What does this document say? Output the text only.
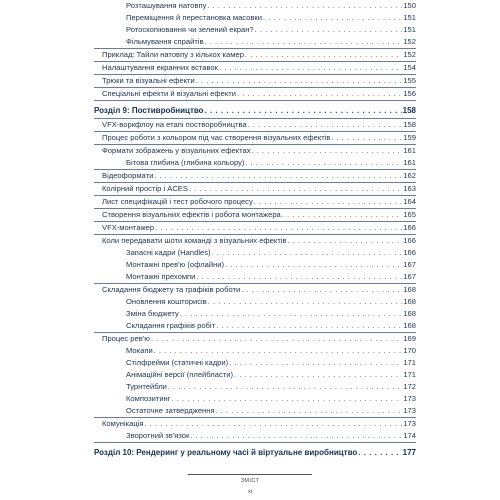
Розташування натовпу . . .	150
Переміщення й перестановка масовки . . .	151
Ротоскопіювання чи зелений екран? . . .	151
Фільмування спрайтів . . .	152
Приклад: Тайли натовпу з кількох камер . . .	152
Налаштування екранних вставок . . .	154
Трюки та візуальні ефекти . . .	155
Спеціальні ефекти й візуальні ефекти . . .	156
Розділ 9: Постивробництво . . .	158
VFX-воркфлоу на етапі постворобництва . . .	158
Процес роботи з кольором під час створення візуальних ефектів . . .	159
Формати зображень у візуальних ефектах . . .	161
Бітова глибина (глибина кольору) . . .	161
Відеоформати . . .	162
Колірний простір і ACES . . .	163
Лист специфікацій і тест робочого процесу . . .	164
Створення візуальних ефектів і робота монтажера . . .	165
VFX-монтажер . . .	166
Коли передавати шоти команді з візуальних ефектів . . .	166
Запасні кадри (Handles) . . .	166
Монтажні прев'ю (офлайни) . . .	167
Монтажні прехомпи . . .	167
Складання бюджету та графіків роботи . . .	168
Оновлення кошторисів . . .	168
Зміна бюджету . . .	168
Складання графіків робіт . . .	168
Процес рев'ю . . .	169
Мокапи . . .	170
Стілфрейми (статичні кадри) . . .	171
Анімаційні версії (плейбласти) . . .	171
Турнтейбли . . .	172
Композитинг . . .	173
Остаточне затвердження . . .	173
Комунікація . . .	173
Зворотний зв'язок . . .	174
Розділ 10: Рендеринг у реальному часі й віртуальне виробництво . . .	177
ЗМІСТ
xi
